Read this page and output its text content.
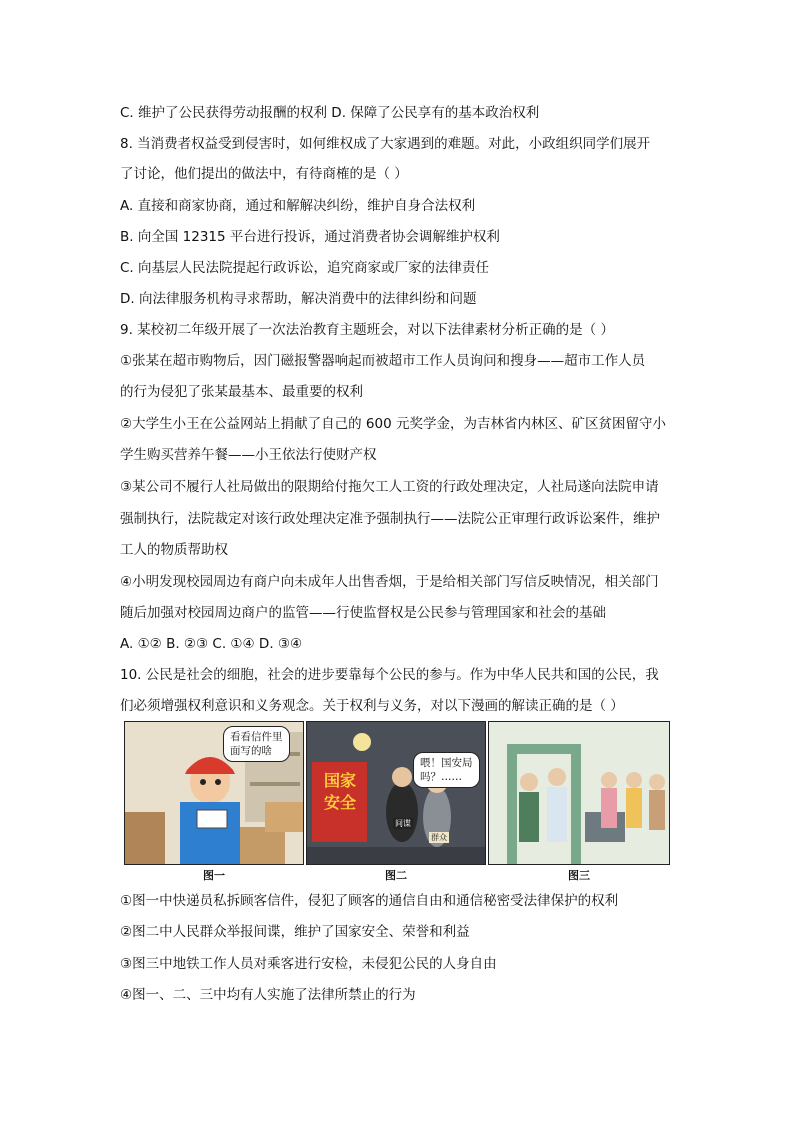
C. 维护了公民获得劳动报酬的权利 D. 保障了公民享有的基本政治权利
8. 当消费者权益受到侵害时，如何维权成了大家遇到的难题。对此，小政组织同学们展开
了讨论，他们提出的做法中，有待商榷的是（ ）
A. 直接和商家协商，通过和解解决纠纷，维护自身合法权利
B. 向全国 12315 平台进行投诉，通过消费者协会调解维护权利
C. 向基层人民法院提起行政诉讼，追究商家或厂家的法律责任
D. 向法律服务机构寻求帮助，解决消费中的法律纠纷和问题
9. 某校初二年级开展了一次法治教育主题班会，对以下法律素材分析正确的是（ ）
①张某在超市购物后，因门磁报警器响起而被超市工作人员询问和搜身——超市工作人员
的行为侵犯了张某最基本、最重要的权利
②大学生小王在公益网站上捐献了自己的 600 元奖学金，为吉林省内林区、矿区贫困留守小
学生购买营养午餐——小王依法行使财产权
③某公司不履行人社局做出的限期给付拖欠工人工资的行政处理决定，人社局遂向法院申请
强制执行，法院裁定对该行政处理决定准予强制执行——法院公正审理行政诉讼案件，维护
工人的物质帮助权
④小明发现校园周边有商户向未成年人出售香烟，于是给相关部门写信反映情况，相关部门
随后加强对校园周边商户的监管——行使监督权是公民参与管理国家和社会的基础
A. ①② B. ②③ C. ①④ D. ③④
10. 公民是社会的细胞，社会的进步要靠每个公民的参与。作为中华人民共和国的公民，我
们必须增强权利意识和义务观念。关于权利与义务，对以下漫画的解读正确的是（ ）
看看信件里
面写的啥
国家
安全
喂！国安局
吗？……
间谍
群众
图一	图二	图三
①图一中快递员私拆顾客信件，侵犯了顾客的通信自由和通信秘密受法律保护的权利
②图二中人民群众举报间谍，维护了国家安全、荣誉和利益
③图三中地铁工作人员对乘客进行安检，未侵犯公民的人身自由
④图一、二、三中均有人实施了法律所禁止的行为
